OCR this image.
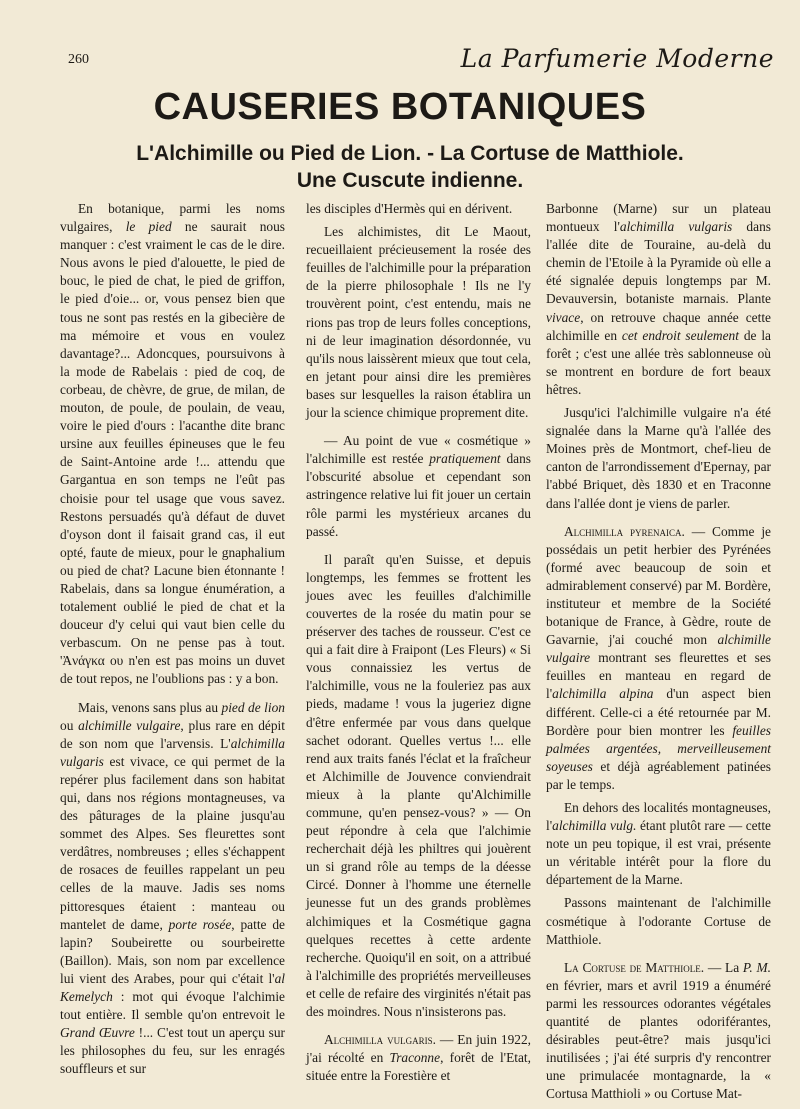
260	La Parfumerie Moderne
CAUSERIES BOTANIQUES
L'Alchimille ou Pied de Lion. - La Cortuse de Matthiole.
Une Cuscute indienne.

En botanique, parmi les noms vulgaires, le pied ne saurait nous manquer : c'est vraiment le cas de le dire. Nous avons le pied d'alouette, le pied de bouc, le pied de chat, le pied de griffon, le pied d'oie... or, vous pensez bien que tous ne sont pas restés en la gibecière de ma mémoire et vous en voulez davantage?... Adoncques, poursuivons à la mode de Rabelais : pied de coq, de corbeau, de chèvre, de grue, de milan, de mouton, de poule, de poulain, de veau, voire le pied d'ours : l'acanthe dite branc ursine aux feuilles épineuses que le feu de Saint-Antoine arde !... attendu que Gargantua en son temps ne l'eût pas choisie pour tel usage que vous savez. Restons persuadés qu'à défaut de duvet d'oyson dont il faisait grand cas, il eut opté, faute de mieux, pour le gnaphalium ou pied de chat? Lacune bien étonnante ! Rabelais, dans sa longue énumération, a totalement oublié le pied de chat et la douceur d'y celui qui vaut bien celle du verbascum. On ne pense pas à tout. 'Ἀνάγκα ου n'en est pas moins un duvet de tout repos, ne l'oublions pas : y a bon.

Mais, venons sans plus au pied de lion ou alchimille vulgaire, plus rare en dépit de son nom que l'arvensis. L'alchimilla vulgaris est vivace, ce qui permet de la repérer plus facilement dans son habitat qui, dans nos régions montagneuses, va des pâturages de la plaine jusqu'au sommet des Alpes. Ses fleurettes sont verdâtres, nombreuses ; elles s'échappent de rosaces de feuilles rappelant un peu celles de la mauve. Jadis ses noms pittoresques étaient : manteau ou mantelet de dame, porte rosée, patte de lapin? Soubeirette ou sourbeirette (Baillon). Mais, son nom par excellence lui vient des Arabes, pour qui c'était l'al Kemelych : mot qui évoque l'alchimie tout entière. Il semble qu'on entrevoit le Grand Œuvre !... C'est tout un aperçu sur les philosophes du feu, sur les enragés souffleurs et sur

les disciples d'Hermès qui en dérivent.

Les alchimistes, dit Le Maout, recueillaient précieusement la rosée des feuilles de l'alchimille pour la préparation de la pierre philosophale ! Ils ne l'y trouvèrent point, c'est entendu, mais ne rions pas trop de leurs folles conceptions, ni de leur imagination désordonnée, vu qu'ils nous laissèrent mieux que tout cela, en jetant pour ainsi dire les premières bases sur lesquelles la raison établira un jour la science chimique proprement dite.

— Au point de vue « cosmétique » l'alchimille est restée pratiquement dans l'obscurité absolue et cependant son astringence relative lui fit jouer un certain rôle parmi les mystérieux arcanes du passé.

Il paraît qu'en Suisse, et depuis longtemps, les femmes se frottent les joues avec les feuilles d'alchimille couvertes de la rosée du matin pour se préserver des taches de rousseur. C'est ce qui a fait dire à Fraipont (Les Fleurs) « Si vous connaissiez les vertus de l'alchimille, vous ne la fouleriez pas aux pieds, madame ! vous la jugeriez digne d'être enfermée par vous dans quelque sachet odorant. Quelles vertus !... elle rend aux traits fanés l'éclat et la fraîcheur et Alchimille de Jouvence conviendrait mieux à la plante qu'Alchimille commune, qu'en pensez-vous? » — On peut répondre à cela que l'alchimie recherchait déjà les philtres qui jouèrent un si grand rôle au temps de la déesse Circé. Donner à l'homme une éternelle jeunesse fut un des grands problèmes alchimiques et la Cosmétique gagna quelques recettes à cette ardente recherche. Quoiqu'il en soit, on a attribué à l'alchimille des propriétés merveilleuses et celle de refaire des virginités n'était pas des moindres. Nous n'insisterons pas.

Alchimilla vulgaris. — En juin 1922, j'ai récolté en Traconne, forêt de l'Etat, située entre la Forestière et

Barbonne (Marne) sur un plateau montueux l'alchimilla vulgaris dans l'allée dite de Touraine, au-delà du chemin de l'Etoile à la Pyramide où elle a été signalée depuis longtemps par M. Devauversin, botaniste marnais. Plante vivace, on retrouve chaque année cette alchimille en cet endroit seulement de la forêt ; c'est une allée très sablonneuse où se montrent en bordure de fort beaux hêtres.

Jusqu'ici l'alchimille vulgaire n'a été signalée dans la Marne qu'à l'allée des Moines près de Montmort, chef-lieu de canton de l'arrondissement d'Epernay, par l'abbé Briquet, dès 1830 et en Traconne dans l'allée dont je viens de parler.

Alchimilla pyrenaica. — Comme je possédais un petit herbier des Pyrénées (formé avec beaucoup de soin et admirablement conservé) par M. Bordère, instituteur et membre de la Société botanique de France, à Gèdre, route de Gavarnie, j'ai couché mon alchimille vulgaire montrant ses fleurettes et ses feuilles en manteau en regard de l'alchimilla alpina d'un aspect bien différent. Celle-ci a été retournée par M. Bordère pour bien montrer les feuilles palmées argentées, merveilleusement soyeuses et déjà agréablement patinées par le temps.

En dehors des localités montagneuses, l'alchimilla vulg. étant plutôt rare — cette note un peu topique, il est vrai, présente un véritable intérêt pour la flore du département de la Marne.

Passons maintenant de l'alchimille cosmétique à l'odorante Cortuse de Matthiole.

La Cortuse de Matthiole. — La P. M. en février, mars et avril 1919 a énuméré parmi les ressources odorantes végétales quantité de plantes odoriférantes, désirables peut-être? mais jusqu'ici inutilisées ; j'ai été surpris d'y rencontrer une primulacée montagnarde, la « Cortusa Matthioli » ou Cortuse Mat-
